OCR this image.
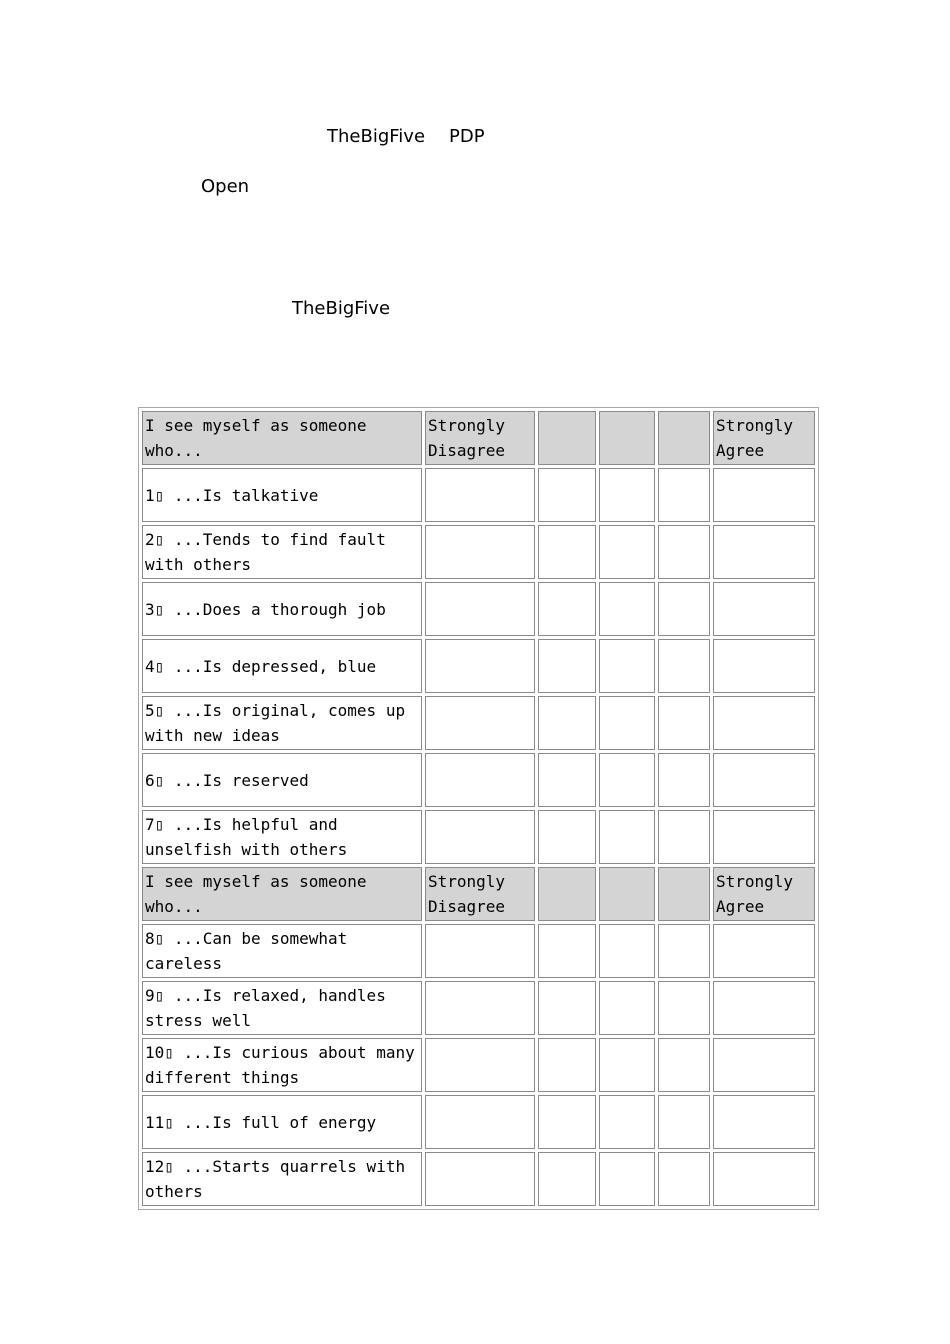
TheBigFive PDP
Open
TheBigFive
I see myself as someone who...	Strongly Disagree				Strongly Agree
1▯ ...Is talkative					
2▯ ...Tends to find fault with others					
3▯ ...Does a thorough job					
4▯ ...Is depressed, blue					
5▯ ...Is original, comes up with new ideas					
6▯ ...Is reserved					
7▯ ...Is helpful and unselfish with others					
I see myself as someone who...	Strongly Disagree				Strongly Agree
8▯ ...Can be somewhat careless					
9▯ ...Is relaxed, handles stress well					
10▯ ...Is curious about many different things					
11▯ ...Is full of energy					
12▯ ...Starts quarrels with others					
